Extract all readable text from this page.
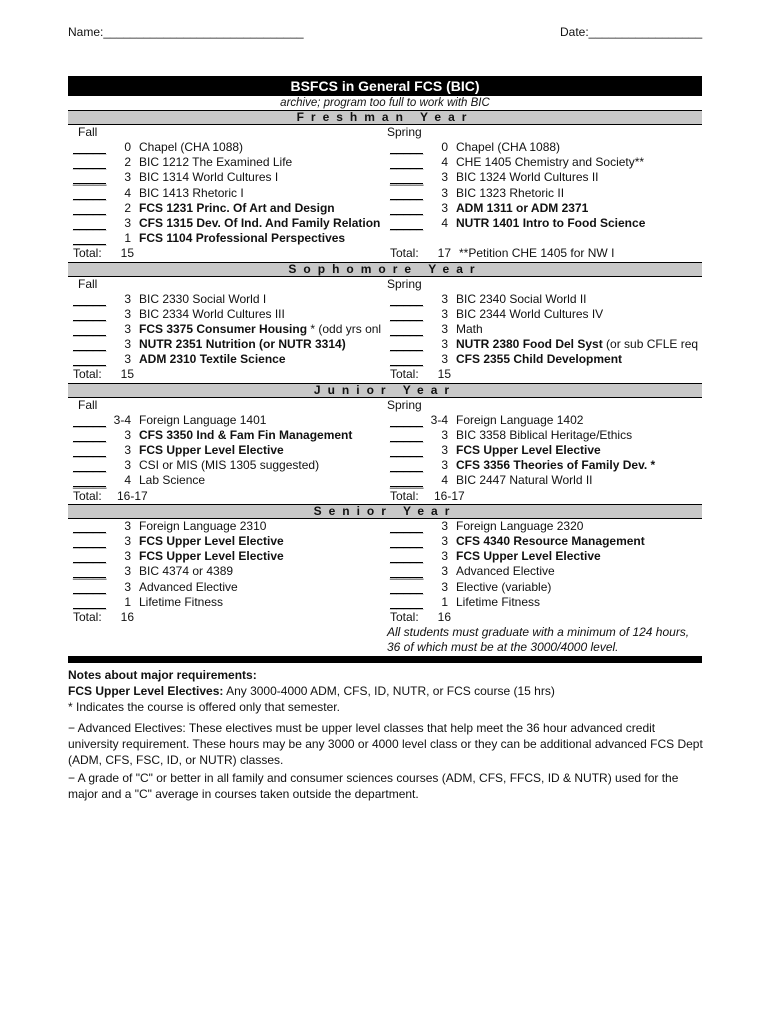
Name:______________________________	Date:_________________
BSFCS in General FCS (BIC)
archive; program too full to work with BIC
Freshman Year
Fall	Spring
_____	0 Chapel (CHA 1088)	_____	0 Chapel (CHA 1088)
_____	2 BIC 1212 The Examined Life	_____	4 CHE 1405 Chemistry and Society**
_____	3 BIC 1314 World Cultures I	_____	3 BIC 1324 World Cultures II
_____	4 BIC 1413 Rhetoric I	_____	3 BIC 1323 Rhetoric II
_____	2 FCS 1231 Princ. Of Art and Design	_____	3 ADM 1311 or ADM 2371
_____	3 CFS 1315 Dev. Of Ind. And Family Relation _____	4 NUTR 1401 Intro to Food Science
_____	1 FCS 1104 Professional Perspectives
Total:	15	Total:	17 **Petition CHE 1405 for NW I
Sophomore Year
Fall	Spring
_____	3 BIC 2330 Social World I	_____	3 BIC 2340 Social World II
_____	3 BIC 2334 World Cultures III	_____	3 BIC 2344 World Cultures IV
_____	3 FCS 3375 Consumer Housing * (odd yrs onl _____	3 Math
_____	3 NUTR 2351 Nutrition (or NUTR 3314)	_____	3 NUTR 2380 Food Del Syst (or sub CFLE req
_____	3 ADM 2310 Textile Science	_____	3 CFS 2355 Child Development
Total:	15	Total:	15
Junior Year
Fall	Spring
_____ 3-4 Foreign Language 1401	_____ 3-4 Foreign Language 1402
_____	3 CFS 3350 Ind & Fam Fin Management	_____	3 BIC 3358 Biblical Heritage/Ethics
_____	3 FCS Upper Level Elective	_____	3 FCS Upper Level Elective
_____	3 CSI or MIS (MIS 1305 suggested)	_____	3 CFS 3356 Theories of Family Dev. *
_____	4 Lab Science	_____	4 BIC 2447 Natural World II
Total:	16-17	Total:	16-17
Senior Year
_____	3 Foreign Language 2310	_____	3 Foreign Language 2320
_____	3 FCS Upper Level Elective	_____	3 CFS 4340 Resource Management
_____	3 FCS Upper Level Elective	_____	3 FCS Upper Level Elective
_____	3 BIC 4374 or 4389	_____	3 Advanced Elective
_____	3 Advanced Elective	_____	3 Elective (variable)
_____	1 Lifetime Fitness	_____	1 Lifetime Fitness
Total:	16	Total:	16
All students must graduate with a minimum of 124 hours,
36 of which must be at the 3000/4000 level.

Notes about major requirements:

FCS Upper Level Electives: Any 3000-4000 ADM, CFS, ID, NUTR, or FCS course (15 hrs)

* Indicates the course is offered only that semester.

− Advanced Electives: These electives must be upper level classes that help meet the 36 hour advanced credit university requirement. These hours may be any 3000 or 4000 level class or they can be additional advanced FCS Dept (ADM, CFS, FSC, ID, or NUTR) classes.

− A grade of "C" or better in all family and consumer sciences courses (ADM, CFS, FFCS, ID & NUTR) used for the major and a "C" average in courses taken outside the department.
